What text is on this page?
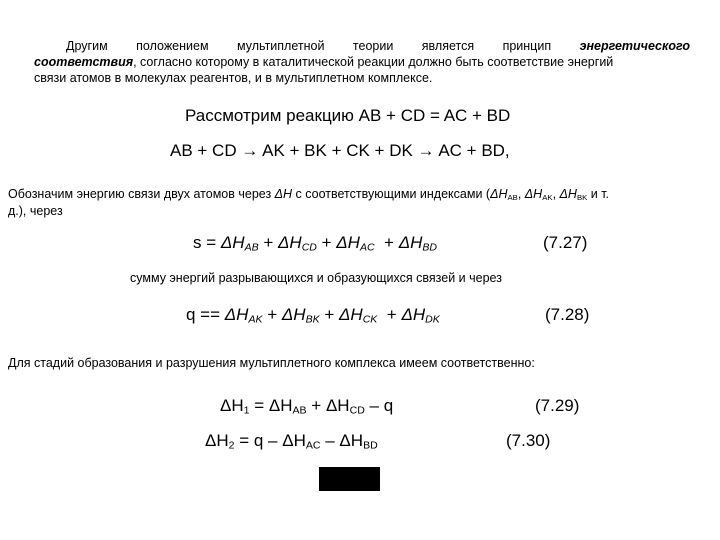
Другим положением мультиплетной теории является принцип энергетического
соответствия, согласно которому в каталитической реакции должно быть соответствие энергий
связи атомов в молекулах реагентов, и в мультиплетном комплексе.
Рассмотрим реакцию AB + CD = AC + BD
AB + CD → AK + BK + CK + DK → AC + BD,
Обозначим энергию связи двух атомов через ΔH с соответствующими индексами ($\Delta H_{AB}$, $\Delta H_{AK}$, $\Delta H_{BK}$ и т.
д.), через
$s = \Delta H_{AB} + \Delta H_{CD} + \Delta H_{AC} + \Delta H_{BD}$	(7.27)
сумму энергий разрывающихся и образующихся связей и через
$q == \Delta H_{AK} + \Delta H_{BK} + \Delta H_{CK} + \Delta H_{DK}$	(7.28)
Для стадий образования и разрушения мультиплетного комплекса имеем соответственно:
$\Delta H_1 = \Delta H_{AB} + \Delta H_{CD} - q$	(7.29)
$\Delta H_2 = q - \Delta H_{AC} - \Delta H_{BD}$	(7.30)
